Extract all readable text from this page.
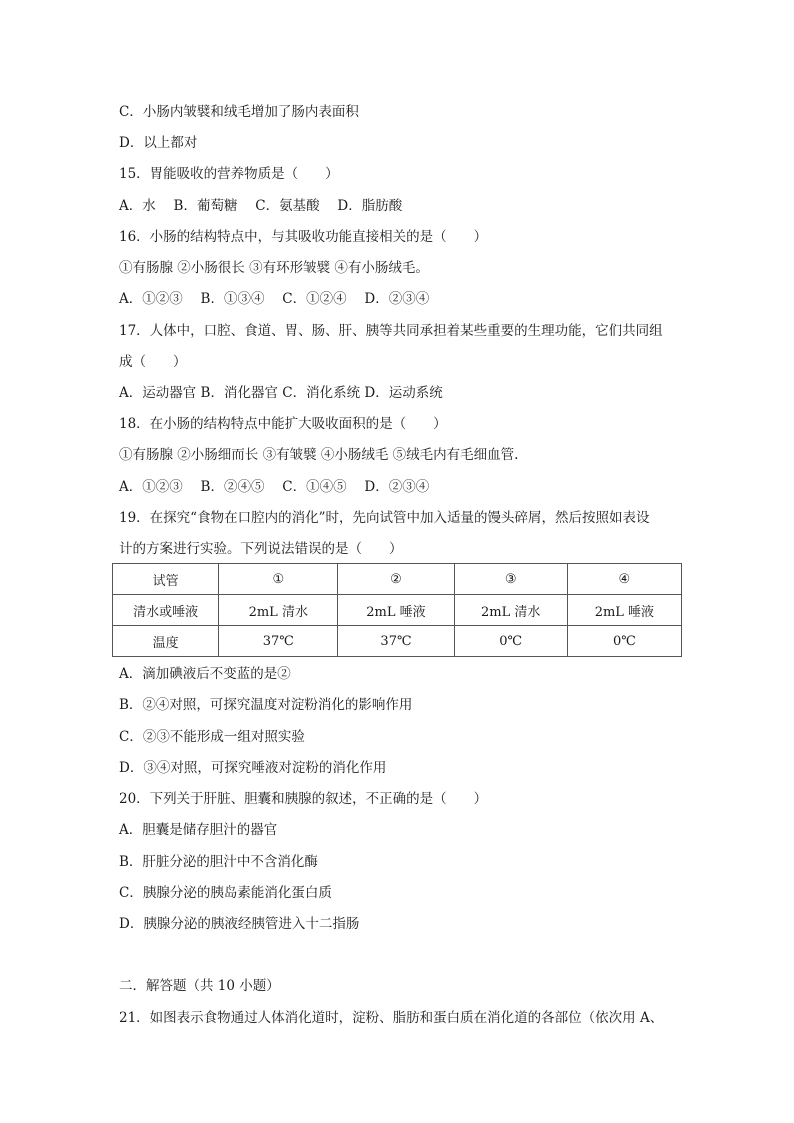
C．小肠内皱襞和绒毛增加了肠内表面积
D．以上都对
15．胃能吸收的营养物质是（　　）
A．水　 B．葡萄糖　 C．氨基酸　 D．脂肪酸
16．小肠的结构特点中，与其吸收功能直接相关的是（　　）
①有肠腺 ②小肠很长 ③有环形皱襞 ④有小肠绒毛。
A．①②③　 B．①③④　 C．①②④　 D．②③④
17．人体中，口腔、食道、胃、肠、肝、胰等共同承担着某些重要的生理功能，它们共同组
成（　　）
A．运动器官 B．消化器官 C．消化系统 D．运动系统
18．在小肠的结构特点中能扩大吸收面积的是（　　）
①有肠腺 ②小肠细而长 ③有皱襞 ④小肠绒毛 ⑤绒毛内有毛细血管.
A．①②③　 B．②④⑤　 C．①④⑤　 D．②③④
19．在探究“食物在口腔内的消化”时，先向试管中加入适量的馒头碎屑，然后按照如表设
计的方案进行实验。下列说法错误的是（　　）
试管	①	②	③	④
清水或唾液	2mL 清水	2mL 唾液	2mL 清水	2mL 唾液
温度	37℃	37℃	0℃	0℃
A．滴加碘液后不变蓝的是②
B．②④对照，可探究温度对淀粉消化的影响作用
C．②③不能形成一组对照实验
D．③④对照，可探究唾液对淀粉的消化作用
20．下列关于肝脏、胆囊和胰腺的叙述，不正确的是（　　）
A．胆囊是储存胆汁的器官
B．肝脏分泌的胆汁中不含消化酶
C．胰腺分泌的胰岛素能消化蛋白质
D．胰腺分泌的胰液经胰管进入十二指肠
二．解答题（共 10 小题）
21．如图表示食物通过人体消化道时，淀粉、脂肪和蛋白质在消化道的各部位（依次用 A、
